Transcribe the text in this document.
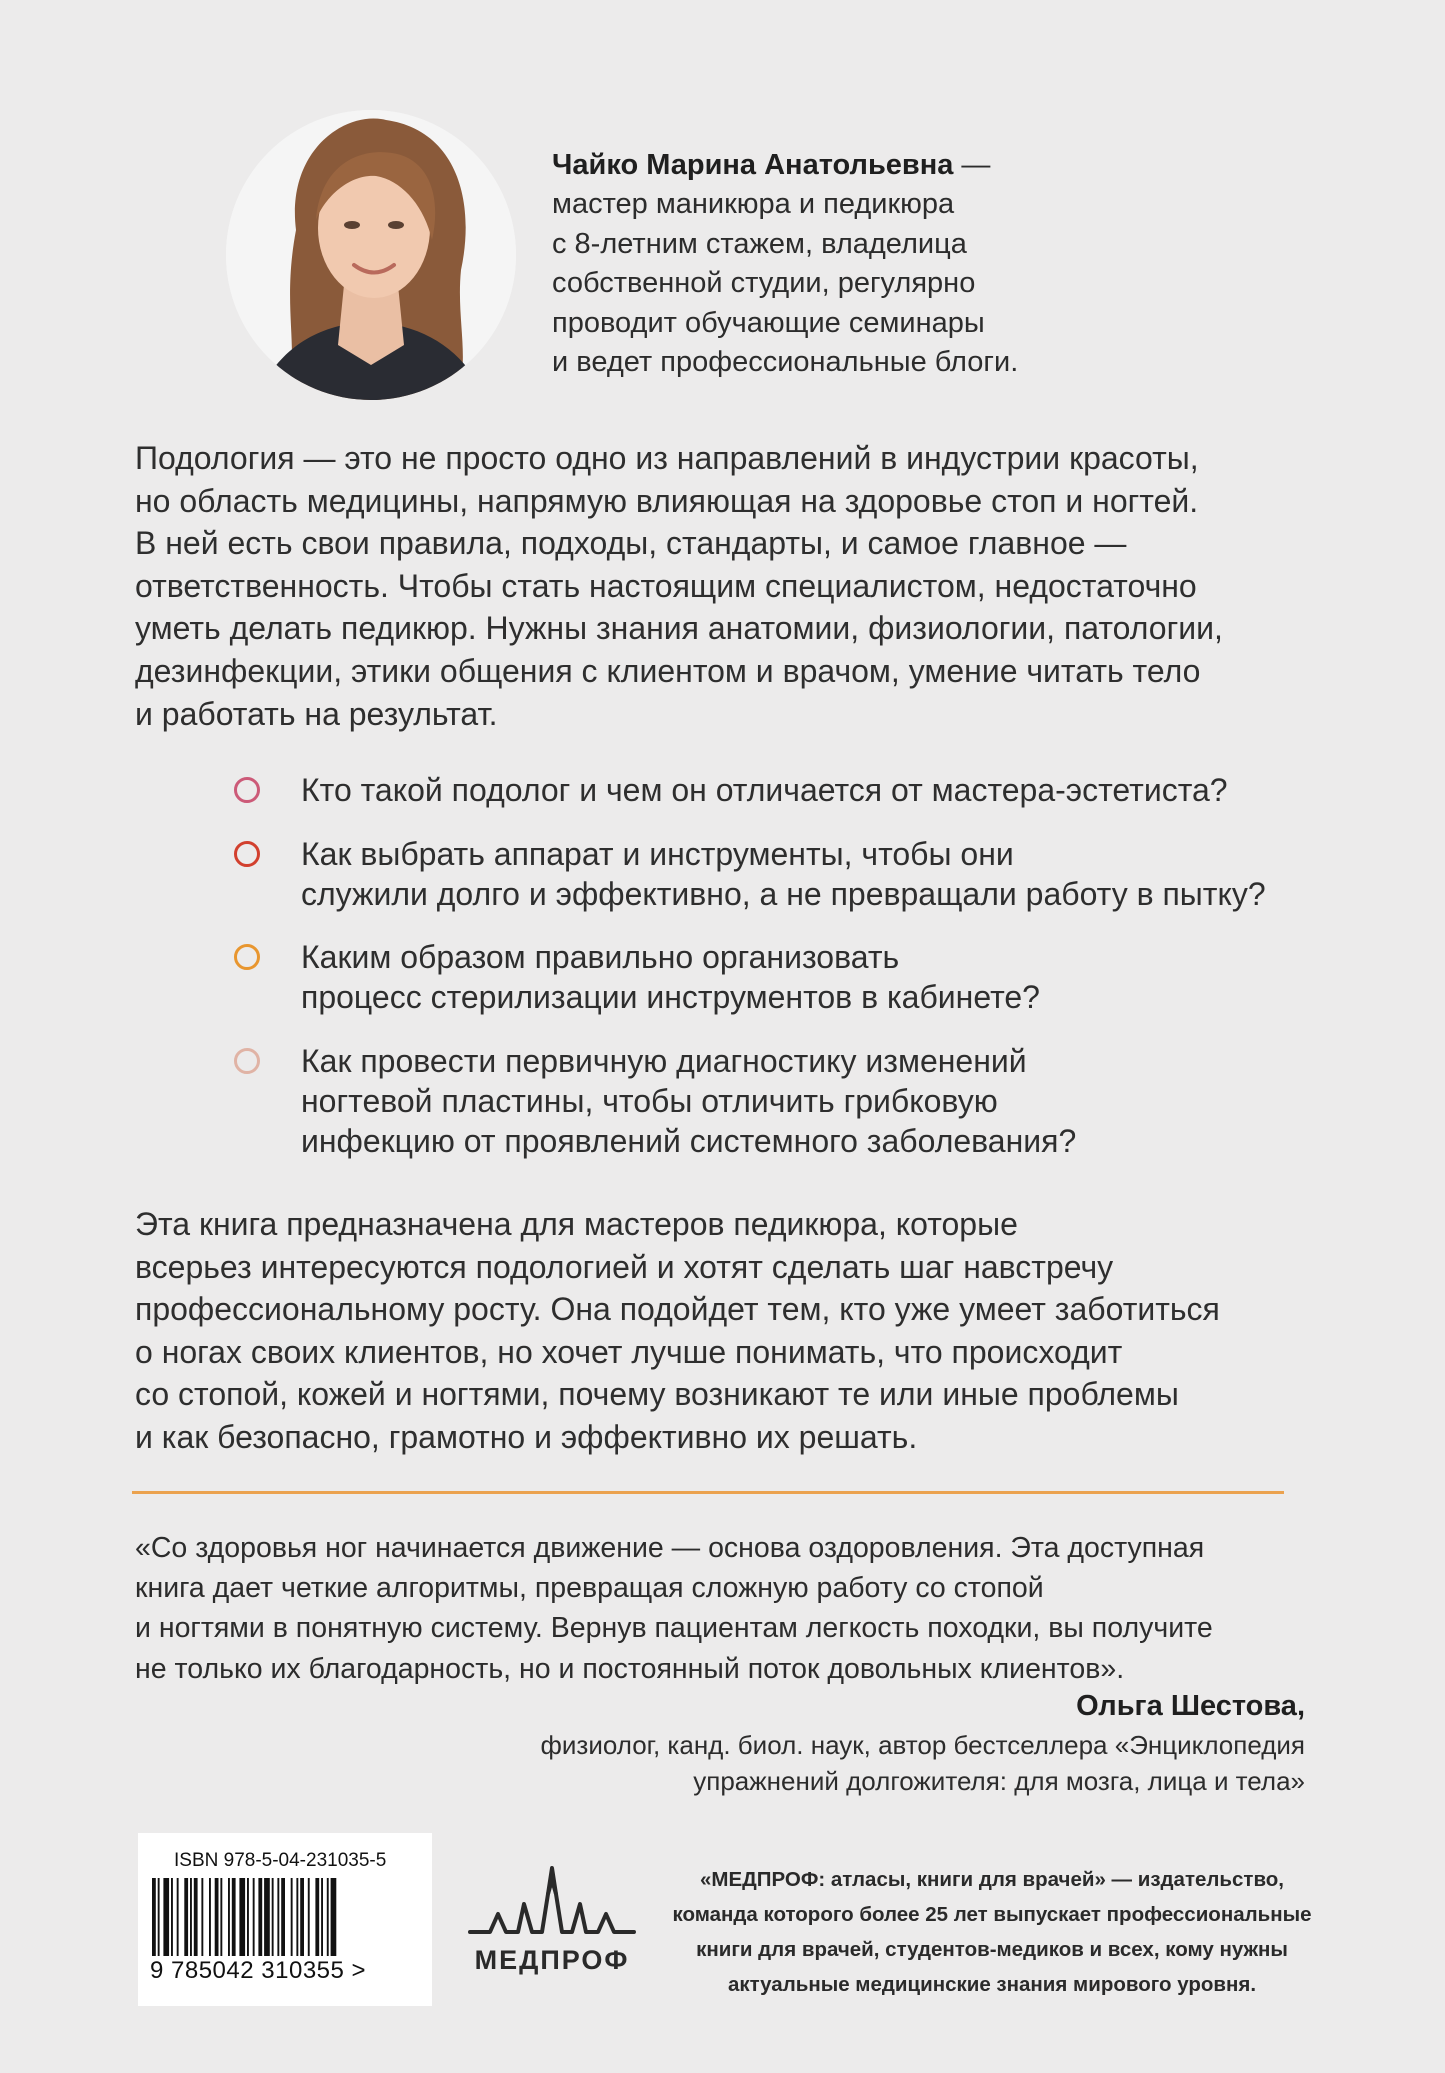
Чайко Марина Анатольевна —
мастер маникюра и педикюра
с 8-летним стажем, владелица
собственной студии, регулярно
проводит обучающие семинары
и ведет профессиональные блоги.
Подология — это не просто одно из направлений в индустрии красоты,
но область медицины, напрямую влияющая на здоровье стоп и ногтей.
В ней есть свои правила, подходы, стандарты, и самое главное —
ответственность. Чтобы стать настоящим специалистом, недостаточно
уметь делать педикюр. Нужны знания анатомии, физиологии, патологии,
дезинфекции, этики общения с клиентом и врачом, умение читать тело
и работать на результат.
Кто такой подолог и чем он отличается от мастера-эстетиста?
Как выбрать аппарат и инструменты, чтобы они
служили долго и эффективно, а не превращали работу в пытку?
Каким образом правильно организовать
процесс стерилизации инструментов в кабинете?
Как провести первичную диагностику изменений
ногтевой пластины, чтобы отличить грибковую
инфекцию от проявлений системного заболевания?
Эта книга предназначена для мастеров педикюра, которые
всерьез интересуются подологией и хотят сделать шаг навстречу
профессиональному росту. Она подойдет тем, кто уже умеет заботиться
о ногах своих клиентов, но хочет лучше понимать, что происходит
со стопой, кожей и ногтями, почему возникают те или иные проблемы
и как безопасно, грамотно и эффективно их решать.
«Со здоровья ног начинается движение — основа оздоровления. Эта доступная
книга дает четкие алгоритмы, превращая сложную работу со стопой
и ногтями в понятную систему. Вернув пациентам легкость походки, вы получите
не только их благодарность, но и постоянный поток довольных клиентов».
Ольга Шестова,
физиолог, канд. биол. наук, автор бестселлера «Энциклопедия
упражнений долгожителя: для мозга, лица и тела»
ISBN 978-5-04-231035-5
9 785042 310355 >	МЕДПРОФ
«МЕДПРОФ: атласы, книги для врачей» — издательство,
команда которого более 25 лет выпускает профессиональные
книги для врачей, студентов-медиков и всех, кому нужны
актуальные медицинские знания мирового уровня.
